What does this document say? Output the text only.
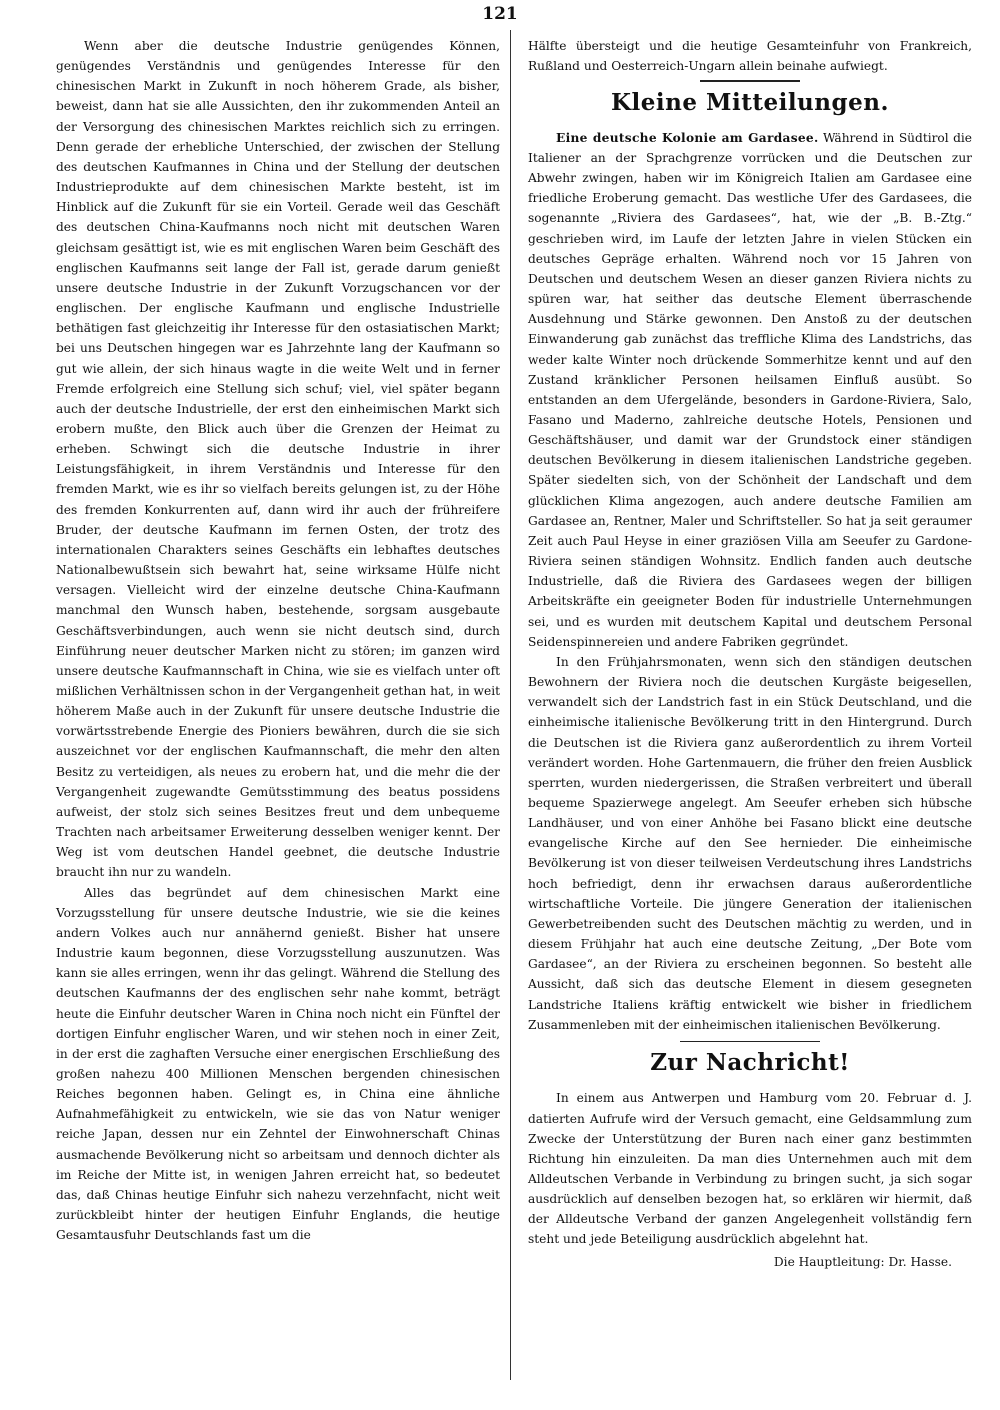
121

Wenn aber die deutsche Industrie genügendes Können, genügendes Verständnis und genügendes Interesse für den chinesischen Markt in Zukunft in noch höherem Grade, als bisher, beweist, dann hat sie alle Aussichten, den ihr zukommenden Anteil an der Versorgung des chinesischen Marktes reichlich sich zu erringen. Denn gerade der erhebliche Unterschied, der zwischen der Stellung des deutschen Kaufmannes in China und der Stellung der deutschen Industrieprodukte auf dem chinesischen Markte besteht, ist im Hinblick auf die Zukunft für sie ein Vorteil. Gerade weil das Geschäft des deutschen China-Kaufmanns noch nicht mit deutschen Waren gleichsam gesättigt ist, wie es mit englischen Waren beim Geschäft des englischen Kaufmanns seit lange der Fall ist, gerade darum genießt unsere deutsche Industrie in der Zukunft Vorzugschancen vor der englischen. Der englische Kaufmann und englische Industrielle bethätigen fast gleichzeitig ihr Interesse für den ostasiatischen Markt; bei uns Deutschen hingegen war es Jahrzehnte lang der Kaufmann so gut wie allein, der sich hinaus wagte in die weite Welt und in ferner Fremde erfolgreich eine Stellung sich schuf; viel, viel später begann auch der deutsche Industrielle, der erst den einheimischen Markt sich erobern mußte, den Blick auch über die Grenzen der Heimat zu erheben. Schwingt sich die deutsche Industrie in ihrer Leistungsfähigkeit, in ihrem Verständnis und Interesse für den fremden Markt, wie es ihr so vielfach bereits gelungen ist, zu der Höhe des fremden Konkurrenten auf, dann wird ihr auch der frühreifere Bruder, der deutsche Kaufmann im fernen Osten, der trotz des internationalen Charakters seines Geschäfts ein lebhaftes deutsches Nationalbewußtsein sich bewahrt hat, seine wirksame Hülfe nicht versagen. Vielleicht wird der einzelne deutsche China-Kaufmann manchmal den Wunsch haben, bestehende, sorgsam ausgebaute Geschäftsverbindungen, auch wenn sie nicht deutsch sind, durch Einführung neuer deutscher Marken nicht zu stören; im ganzen wird unsere deutsche Kaufmannschaft in China, wie sie es vielfach unter oft mißlichen Verhältnissen schon in der Vergangenheit gethan hat, in weit höherem Maße auch in der Zukunft für unsere deutsche Industrie die vorwärtsstrebende Energie des Pioniers bewähren, durch die sie sich auszeichnet vor der englischen Kaufmannschaft, die mehr den alten Besitz zu verteidigen, als neues zu erobern hat, und die mehr die der Vergangenheit zugewandte Gemütsstimmung des beatus possidens aufweist, der stolz sich seines Besitzes freut und dem unbequeme Trachten nach arbeitsamer Erweiterung desselben weniger kennt. Der Weg ist vom deutschen Handel geebnet, die deutsche Industrie braucht ihn nur zu wandeln.

Alles das begründet auf dem chinesischen Markt eine Vorzugsstellung für unsere deutsche Industrie, wie sie die keines andern Volkes auch nur annähernd genießt. Bisher hat unsere Industrie kaum begonnen, diese Vorzugsstellung auszunutzen. Was kann sie alles erringen, wenn ihr das gelingt. Während die Stellung des deutschen Kaufmanns der des englischen sehr nahe kommt, beträgt heute die Einfuhr deutscher Waren in China noch nicht ein Fünftel der dortigen Einfuhr englischer Waren, und wir stehen noch in einer Zeit, in der erst die zaghaften Versuche einer energischen Erschließung des großen nahezu 400 Millionen Menschen bergenden chinesischen Reiches begonnen haben. Gelingt es, in China eine ähnliche Aufnahmefähigkeit zu entwickeln, wie sie das von Natur weniger reiche Japan, dessen nur ein Zehntel der Einwohnerschaft Chinas ausmachende Bevölkerung nicht so arbeitsam und dennoch dichter als im Reiche der Mitte ist, in wenigen Jahren erreicht hat, so bedeutet das, daß Chinas heutige Einfuhr sich nahezu verzehnfacht, nicht weit zurückbleibt hinter der heutigen Einfuhr Englands, die heutige Gesamtausfuhr Deutschlands fast um die

Hälfte übersteigt und die heutige Gesamteinfuhr von Frankreich, Rußland und Oesterreich-Ungarn allein beinahe aufwiegt.

Kleine Mitteilungen.

Eine deutsche Kolonie am Gardasee. Während in Südtirol die Italiener an der Sprachgrenze vorrücken und die Deutschen zur Abwehr zwingen, haben wir im Königreich Italien am Gardasee eine friedliche Eroberung gemacht. Das westliche Ufer des Gardasees, die sogenannte „Riviera des Gardasees“, hat, wie der „B. B.-Ztg.“ geschrieben wird, im Laufe der letzten Jahre in vielen Stücken ein deutsches Gepräge erhalten. Während noch vor 15 Jahren von Deutschen und deutschem Wesen an dieser ganzen Riviera nichts zu spüren war, hat seither das deutsche Element überraschende Ausdehnung und Stärke gewonnen. Den Anstoß zu der deutschen Einwanderung gab zunächst das treffliche Klima des Landstrichs, das weder kalte Winter noch drückende Sommerhitze kennt und auf den Zustand kränklicher Personen heilsamen Einfluß ausübt. So entstanden an dem Ufergelände, besonders in Gardone-Riviera, Salo, Fasano und Maderno, zahlreiche deutsche Hotels, Pensionen und Geschäftshäuser, und damit war der Grundstock einer ständigen deutschen Bevölkerung in diesem italienischen Landstriche gegeben. Später siedelten sich, von der Schönheit der Landschaft und dem glücklichen Klima angezogen, auch andere deutsche Familien am Gardasee an, Rentner, Maler und Schriftsteller. So hat ja seit geraumer Zeit auch Paul Heyse in einer graziösen Villa am Seeufer zu Gardone-Riviera seinen ständigen Wohnsitz. Endlich fanden auch deutsche Industrielle, daß die Riviera des Gardasees wegen der billigen Arbeitskräfte ein geeigneter Boden für industrielle Unternehmungen sei, und es wurden mit deutschem Kapital und deutschem Personal Seidenspinnereien und andere Fabriken gegründet.

In den Frühjahrsmonaten, wenn sich den ständigen deutschen Bewohnern der Riviera noch die deutschen Kurgäste beigesellen, verwandelt sich der Landstrich fast in ein Stück Deutschland, und die einheimische italienische Bevölkerung tritt in den Hintergrund. Durch die Deutschen ist die Riviera ganz außerordentlich zu ihrem Vorteil verändert worden. Hohe Gartenmauern, die früher den freien Ausblick sperrten, wurden niedergerissen, die Straßen verbreitert und überall bequeme Spazierwege angelegt. Am Seeufer erheben sich hübsche Landhäuser, und von einer Anhöhe bei Fasano blickt eine deutsche evangelische Kirche auf den See hernieder. Die einheimische Bevölkerung ist von dieser teilweisen Verdeutschung ihres Landstrichs hoch befriedigt, denn ihr erwachsen daraus außerordentliche wirtschaftliche Vorteile. Die jüngere Generation der italienischen Gewerbetreibenden sucht des Deutschen mächtig zu werden, und in diesem Frühjahr hat auch eine deutsche Zeitung, „Der Bote vom Gardasee“, an der Riviera zu erscheinen begonnen. So besteht alle Aussicht, daß sich das deutsche Element in diesem gesegneten Landstriche Italiens kräftig entwickelt wie bisher in friedlichem Zusammenleben mit der einheimischen italienischen Bevölkerung.

Zur Nachricht!

In einem aus Antwerpen und Hamburg vom 20. Februar d. J. datierten Aufrufe wird der Versuch gemacht, eine Geldsammlung zum Zwecke der Unterstützung der Buren nach einer ganz bestimmten Richtung hin einzuleiten. Da man dies Unternehmen auch mit dem Alldeutschen Verbande in Verbindung zu bringen sucht, ja sich sogar ausdrücklich auf denselben bezogen hat, so erklären wir hiermit, daß der Alldeutsche Verband der ganzen Angelegenheit vollständig fern steht und jede Beteiligung ausdrücklich abgelehnt hat.

Die Hauptleitung: Dr. Hasse.
